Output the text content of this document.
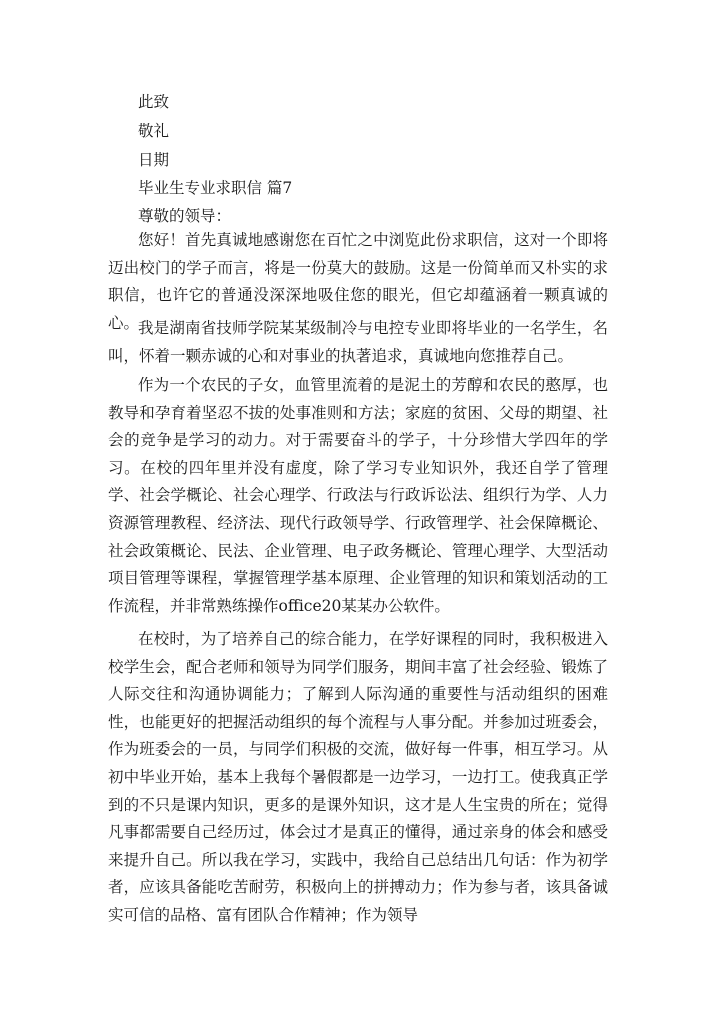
此致
敬礼
日期
毕业生专业求职信 篇7
尊敬的领导：

您好！首先真诚地感谢您在百忙之中浏览此份求职信，这对一个即将迈出校门的学子而言，将是一份莫大的鼓励。这是一份简单而又朴实的求职信，也许它的普通没深深地吸住您的眼光，但它却蕴涵着一颗真诚的心。

我是湖南省技师学院某某级制冷与电控专业即将毕业的一名学生，名叫，怀着一颗赤诚的心和对事业的执著追求，真诚地向您推荐自己。

作为一个农民的子女，血管里流着的是泥土的芳醇和农民的憨厚，也教导和孕育着坚忍不拔的处事准则和方法；家庭的贫困、父母的期望、社会的竞争是学习的动力。对于需要奋斗的学子，十分珍惜大学四年的学习。在校的四年里并没有虚度，除了学习专业知识外，我还自学了管理学、社会学概论、社会心理学、行政法与行政诉讼法、组织行为学、人力资源管理教程、经济法、现代行政领导学、行政管理学、社会保障概论、社会政策概论、民法、企业管理、电子政务概论、管理心理学、大型活动项目管理等课程，掌握管理学基本原理、企业管理的知识和策划活动的工作流程，并非常熟练操作office20某某办公软件。

在校时，为了培养自己的综合能力，在学好课程的同时，我积极进入校学生会，配合老师和领导为同学们服务，期间丰富了社会经验、锻炼了人际交往和沟通协调能力；了解到人际沟通的重要性与活动组织的困难性，也能更好的把握活动组织的每个流程与人事分配。并参加过班委会，作为班委会的一员，与同学们积极的交流，做好每一件事，相互学习。从初中毕业开始，基本上我每个暑假都是一边学习，一边打工。使我真正学到的不只是课内知识，更多的是课外知识，这才是人生宝贵的所在；觉得凡事都需要自己经历过，体会过才是真正的懂得，通过亲身的体会和感受来提升自己。所以我在学习，实践中，我给自己总结出几句话：作为初学者，应该具备能吃苦耐劳，积极向上的拼搏动力；作为参与者，该具备诚实可信的品格、富有团队合作精神；作为领导
